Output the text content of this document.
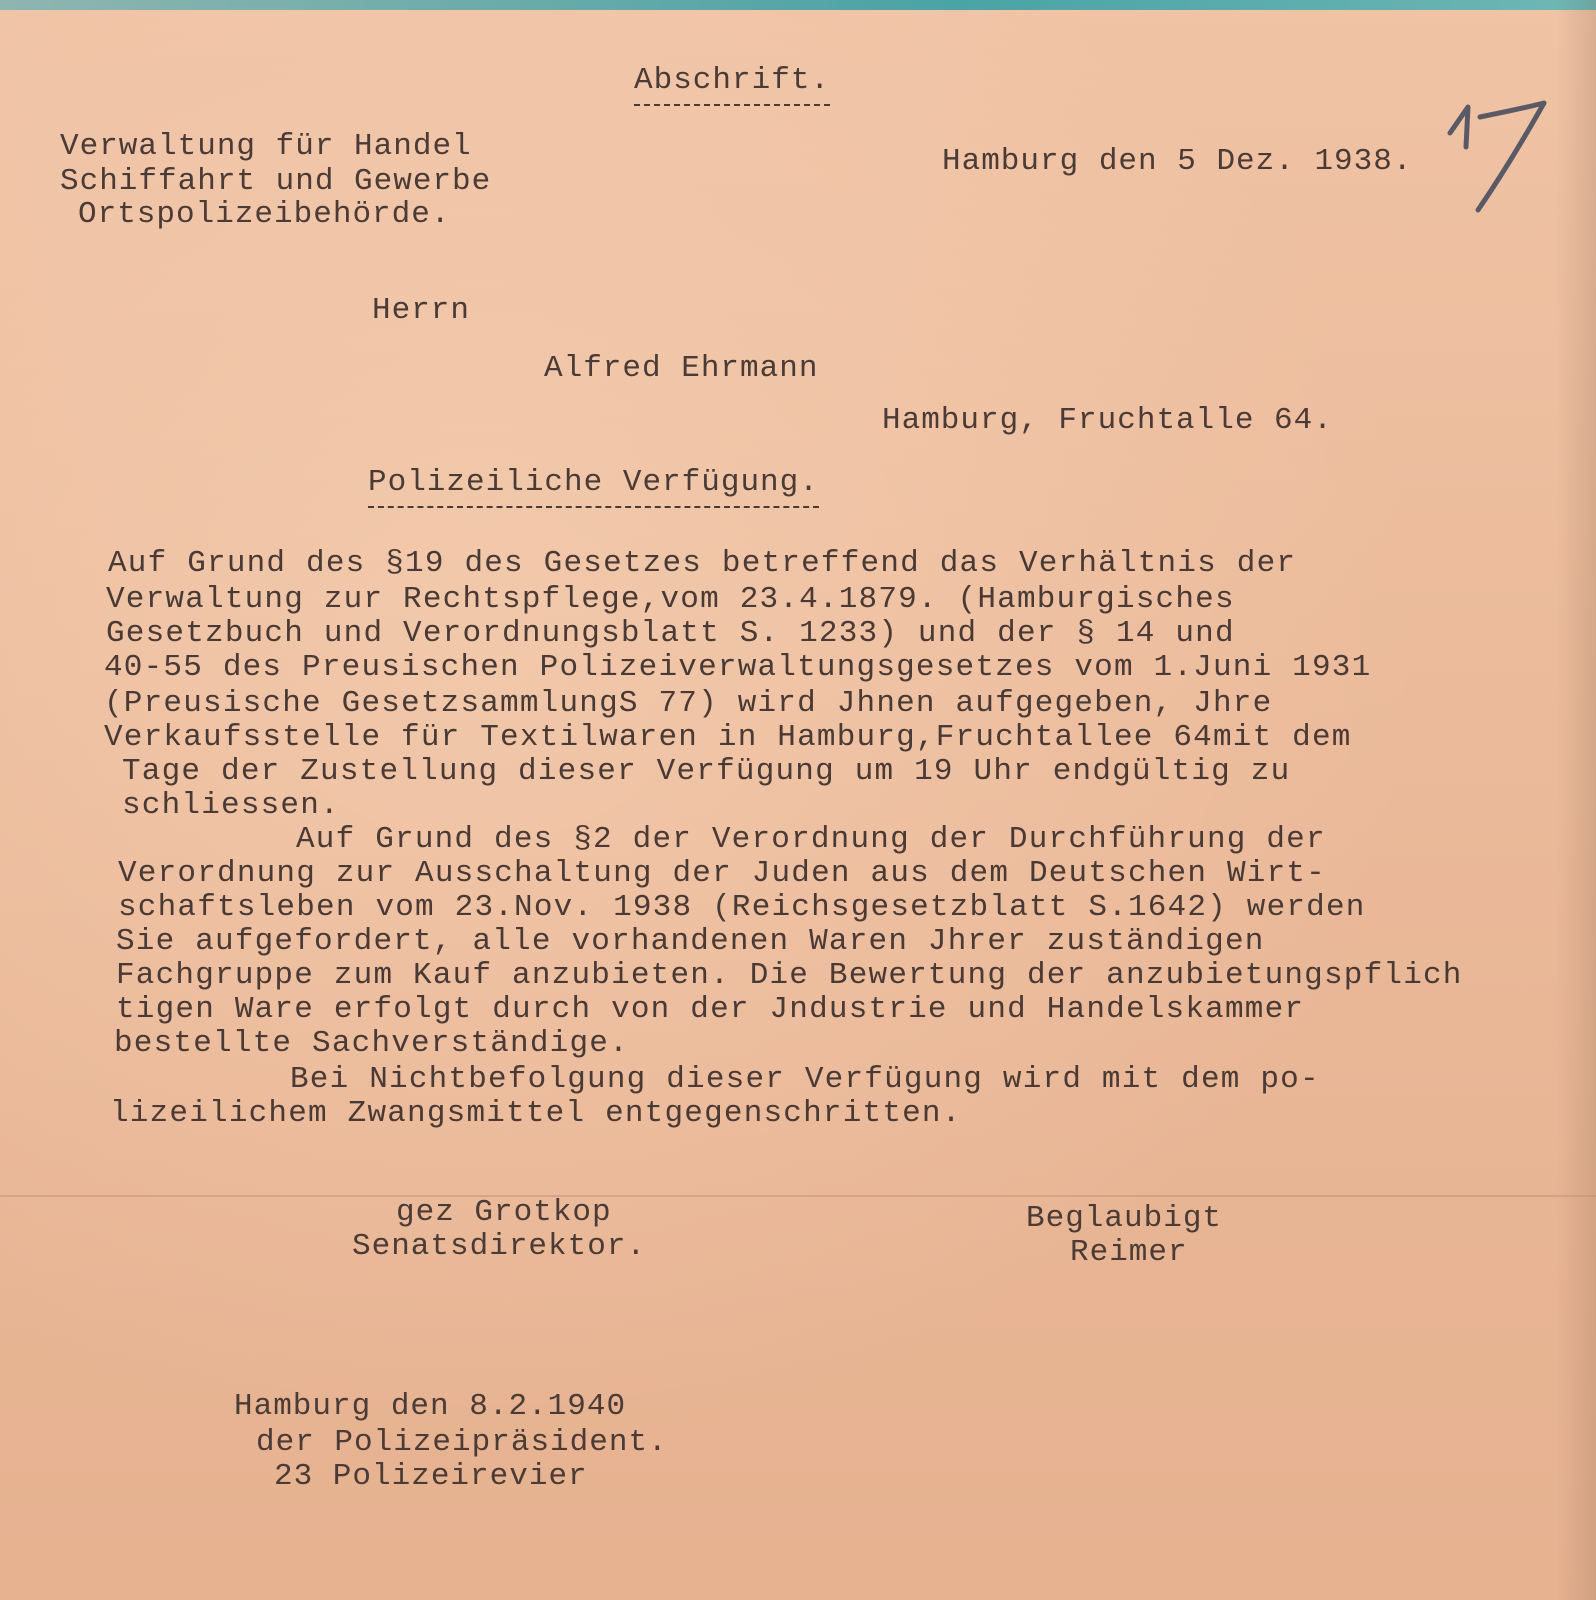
Abschrift.
Verwaltung für Handel
Schiffahrt und Gewerbe
Ortspolizeibehörde.
Hamburg den 5 Dez. 1938.
Herrn
Alfred Ehrmann
Hamburg, Fruchtalle 64.
Polizeiliche Verfügung.
Auf Grund des §19 des Gesetzes betreffend das Verhältnis der
Verwaltung zur Rechtspflege,vom 23.4.1879. (Hamburgisches
Gesetzbuch und Verordnungsblatt S. 1233) und der § 14 und
40-55 des Preusischen Polizeiverwaltungsgesetzes vom 1.Juni 1931
(Preusische GesetzsammlungS 77) wird Jhnen aufgegeben, Jhre
Verkaufsstelle für Textilwaren in Hamburg,Fruchtallee 64mit dem
Tage der Zustellung dieser Verfügung um 19 Uhr endgültig zu
schliessen.
Auf Grund des §2 der Verordnung der Durchführung der
Verordnung zur Ausschaltung der Juden aus dem Deutschen Wirt-
schaftsleben vom 23.Nov. 1938 (Reichsgesetzblatt S.1642) werden
Sie aufgefordert, alle vorhandenen Waren Jhrer zuständigen
Fachgruppe zum Kauf anzubieten. Die Bewertung der anzubietungspflich
tigen Ware erfolgt durch von der Jndustrie und Handelskammer
bestellte Sachverständige.
Bei Nichtbefolgung dieser Verfügung wird mit dem po-
lizeilichem Zwangsmittel entgegenschritten.
gez Grotkop
Senatsdirektor.
Beglaubigt
Reimer
Hamburg den 8.2.1940
der Polizeipräsident.
23 Polizeirevier
